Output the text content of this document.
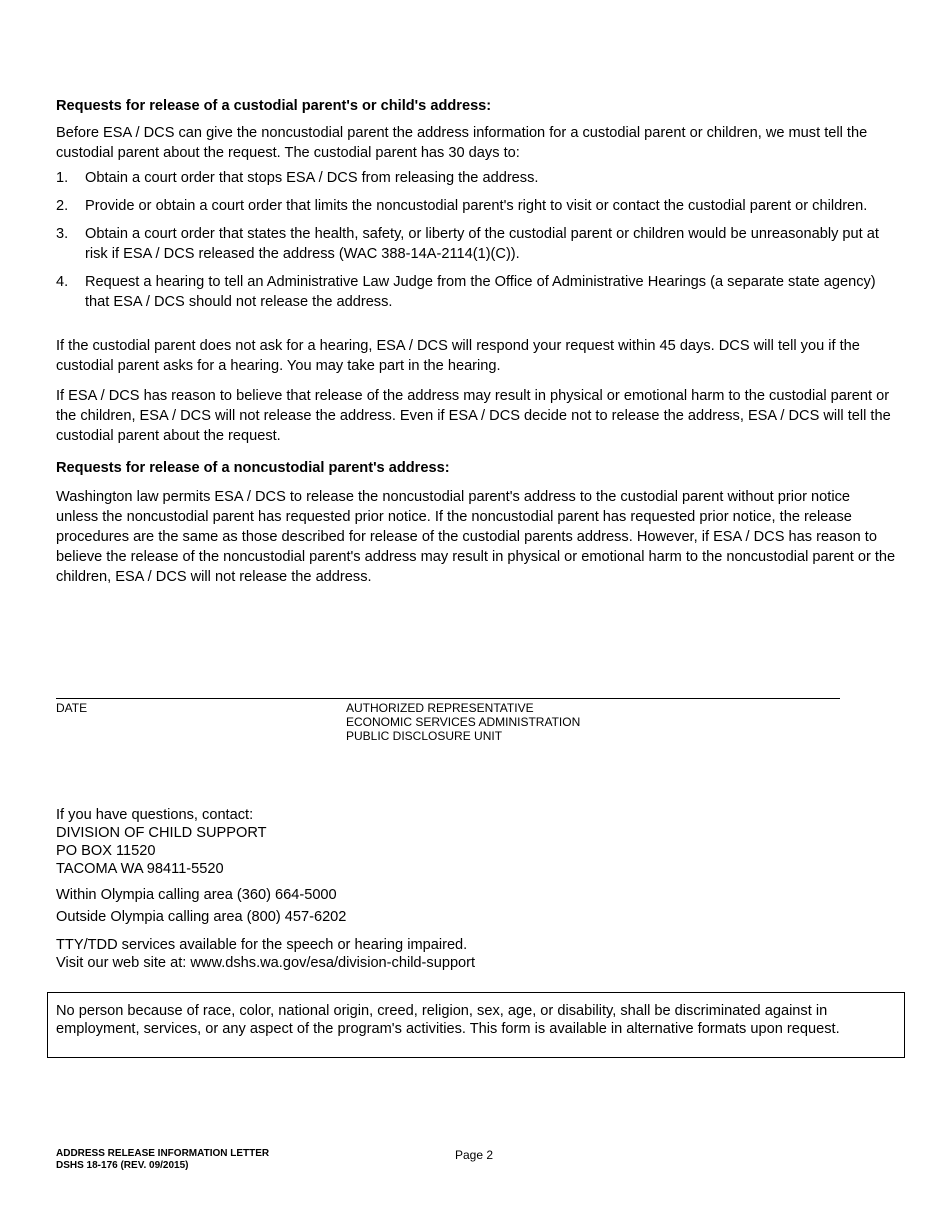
Requests for release of a custodial parent's or child's address:

Before ESA / DCS can give the noncustodial parent the address information for a custodial parent or children, we must tell the custodial parent about the request. The custodial parent has 30 days to:

1. Obtain a court order that stops ESA / DCS from releasing the address.
2. Provide or obtain a court order that limits the noncustodial parent's right to visit or contact the custodial parent or children.
3. Obtain a court order that states the health, safety, or liberty of the custodial parent or children would be unreasonably put at risk if ESA / DCS released the address (WAC 388-14A-2114(1)(C)).
4. Request a hearing to tell an Administrative Law Judge from the Office of Administrative Hearings (a separate state agency) that ESA / DCS should not release the address.

If the custodial parent does not ask for a hearing, ESA / DCS will respond your request within 45 days. DCS will tell you if the custodial parent asks for a hearing. You may take part in the hearing.

If ESA / DCS has reason to believe that release of the address may result in physical or emotional harm to the custodial parent or the children, ESA / DCS will not release the address. Even if ESA / DCS decide not to release the address, ESA / DCS will tell the custodial parent about the request.

Requests for release of a noncustodial parent's address:

Washington law permits ESA / DCS to release the noncustodial parent's address to the custodial parent without prior notice unless the noncustodial parent has requested prior notice. If the noncustodial parent has requested prior notice, the release procedures are the same as those described for release of the custodial parents address. However, if ESA / DCS has reason to believe the release of the noncustodial parent's address may result in physical or emotional harm to the noncustodial parent or the children, ESA / DCS will not release the address.

DATE	AUTHORIZED REPRESENTATIVE
ECONOMIC SERVICES ADMINISTRATION
PUBLIC DISCLOSURE UNIT
If you have questions, contact:
DIVISION OF CHILD SUPPORT
PO BOX 11520
TACOMA WA 98411-5520
Within Olympia calling area (360) 664-5000
Outside Olympia calling area (800) 457-6202
TTY/TDD services available for the speech or hearing impaired.
Visit our web site at: www.dshs.wa.gov/esa/division-child-support
No person because of race, color, national origin, creed, religion, sex, age, or disability, shall be discriminated against in employment, services, or any aspect of the program's activities. This form is available in alternative formats upon request.
ADDRESS RELEASE INFORMATION LETTER
DSHS 18-176 (REV. 09/2015)
Page 2
